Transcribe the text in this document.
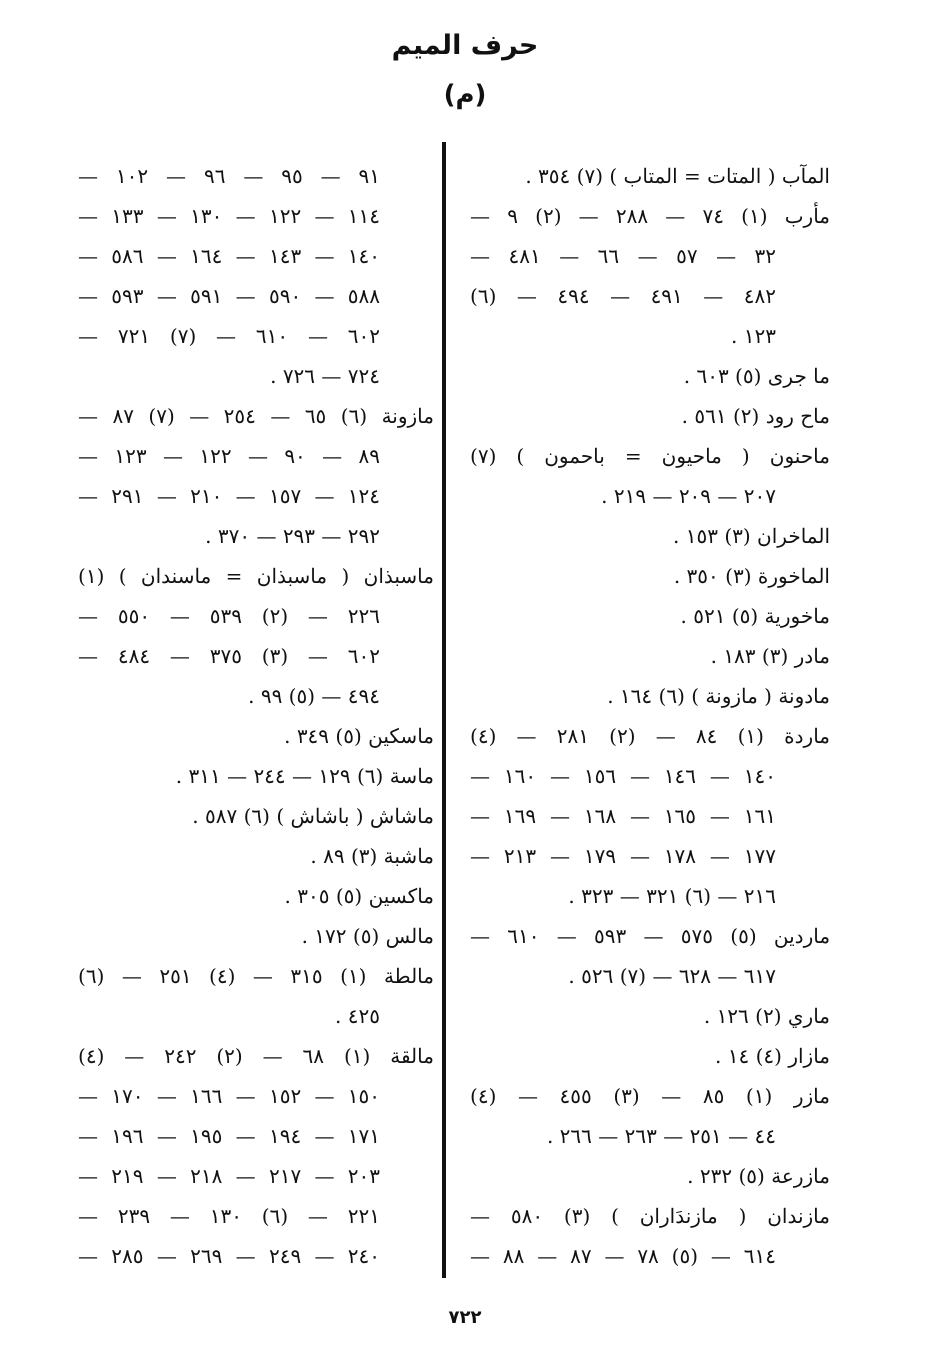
حرف الميم
(م)
المآب ( المتات = المتاب ) (٧) ٣٥٤ .
مأرب (١) ٧٤ — ٢٨٨ — (٢) ٩ —
٣٢ — ٥٧ — ٦٦ — ٤٨١ —
٤٨٢ — ٤٩١ — ٤٩٤ — (٦)
١٢٣ .
ما جرى (٥) ٦٠٣ .
ماح رود (٢) ٥٦١ .
ماحنون ( ماحيون = باحمون ) (٧)
٢٠٧ — ٢٠٩ — ٢١٩ .
الماخران (٣) ١٥٣ .
الماخورة (٣) ٣٥٠ .
ماخورية (٥) ٥٢١ .
مادر (٣) ١٨٣ .
مادونة ( مازونة ) (٦) ١٦٤ .
ماردة (١) ٨٤ — (٢) ٢٨١ — (٤)
١٤٠ — ١٤٦ — ١٥٦ — ١٦٠ —
١٦١ — ١٦٥ — ١٦٨ — ١٦٩ —
١٧٧ — ١٧٨ — ١٧٩ — ٢١٣ —
٢١٦ — (٦) ٣٢١ — ٣٢٣ .
ماردين (٥) ٥٧٥ — ٥٩٣ — ٦١٠ —
٦١٧ — ٦٢٨ — (٧) ٥٢٦ .
ماري (٢) ١٢٦ .
مازار (٤) ١٤ .
مازر (١) ٨٥ — (٣) ٤٥٥ — (٤)
٤٤ — ٢٥١ — ٢٦٣ — ٢٦٦ .
مازرعة (٥) ٢٣٢ .
مازندان ( مازندَاران ) (٣) ٥٨٠ —
٦١٤ — (٥) ٧٨ — ٨٧ — ٨٨ —
٩١ — ٩٥ — ٩٦ — ١٠٢ —
١١٤ — ١٢٢ — ١٣٠ — ١٣٣ —
١٤٠ — ١٤٣ — ١٦٤ — ٥٨٦ —
٥٨٨ — ٥٩٠ — ٥٩١ — ٥٩٣ —
٦٠٢ — ٦١٠ — (٧) ٧٢١ —
٧٢٤ — ٧٢٦ .
مازونة (٦) ٦٥ — ٢٥٤ — (٧) ٨٧ —
٨٩ — ٩٠ — ١٢٢ — ١٢٣ —
١٢٤ — ١٥٧ — ٢١٠ — ٢٩١ —
٢٩٢ — ٢٩٣ — ٣٧٠ .
ماسبذان ( ماسبذان = ماسندان ) (١)
٢٢٦ — (٢) ٥٣٩ — ٥٥٠ —
٦٠٢ — (٣) ٣٧٥ — ٤٨٤ —
٤٩٤ — (٥) ٩٩ .
ماسكين (٥) ٣٤٩ .
ماسة (٦) ١٢٩ — ٢٤٤ — ٣١١ .
ماشاش ( باشاش ) (٦) ٥٨٧ .
ماشبة (٣) ٨٩ .
ماكسين (٥) ٣٠٥ .
مالس (٥) ١٧٢ .
مالطة (١) ٣١٥ — (٤) ٢٥١ — (٦)
٤٢٥ .
مالقة (١) ٦٨ — (٢) ٢٤٢ — (٤)
١٥٠ — ١٥٢ — ١٦٦ — ١٧٠ —
١٧١ — ١٩٤ — ١٩٥ — ١٩٦ —
٢٠٣ — ٢١٧ — ٢١٨ — ٢١٩ —
٢٢١ — (٦) ١٣٠ — ٢٣٩ —
٢٤٠ — ٢٤٩ — ٢٦٩ — ٢٨٥ —
٧٢٢
